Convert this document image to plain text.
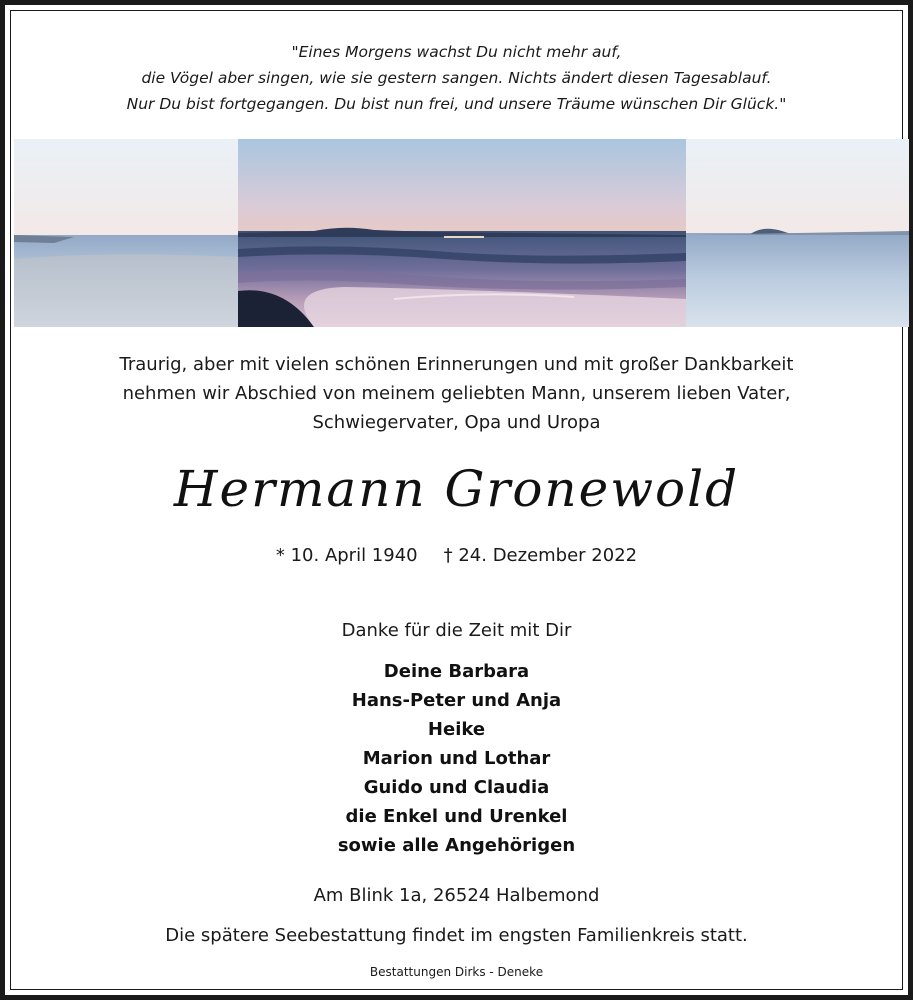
"Eines Morgens wachst Du nicht mehr auf,
die Vögel aber singen, wie sie gestern sangen. Nichts ändert diesen Tagesablauf.
Nur Du bist fortgegangen. Du bist nun frei, und unsere Träume wünschen Dir Glück."
Traurig, aber mit vielen schönen Erinnerungen und mit großer Dankbarkeit
nehmen wir Abschied von meinem geliebten Mann, unserem lieben Vater,
Schwiegervater, Opa und Uropa
Hermann Gronewold
* 10. April 1940 † 24. Dezember 2022
Danke für die Zeit mit Dir
Deine Barbara
Hans-Peter und Anja
Heike
Marion und Lothar
Guido und Claudia
die Enkel und Urenkel
sowie alle Angehörigen
Am Blink 1a, 26524 Halbemond
Die spätere Seebestattung findet im engsten Familienkreis statt.
Bestattungen Dirks - Deneke
